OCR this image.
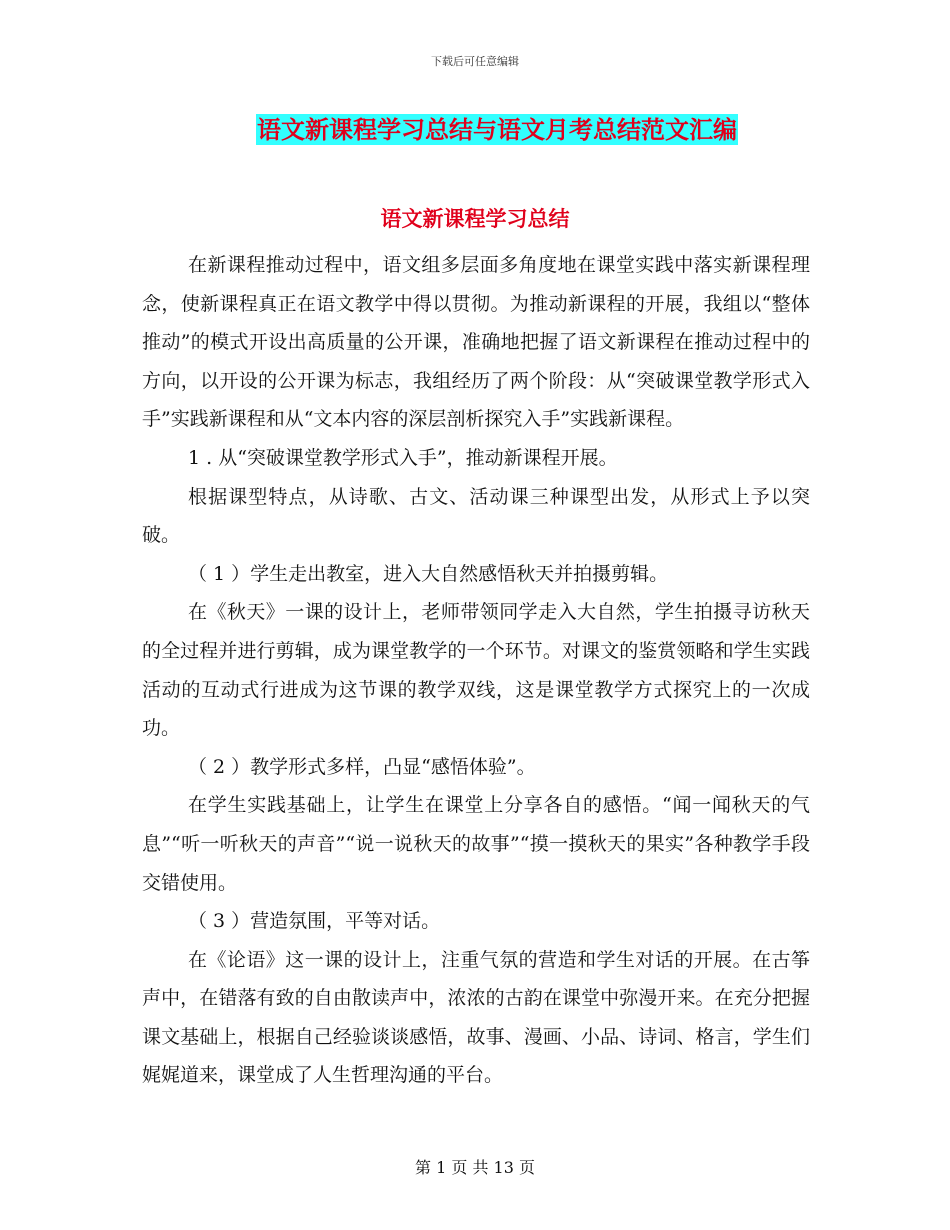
下载后可任意编辑
语文新课程学习总结与语文月考总结范文汇编
语文新课程学习总结

在新课程推动过程中，语文组多层面多角度地在课堂实践中落实新课程理念，使新课程真正在语文教学中得以贯彻。为推动新课程的开展，我组以“整体推动”的模式开设出高质量的公开课，准确地把握了语文新课程在推动过程中的方向，以开设的公开课为标志，我组经历了两个阶段：从“突破课堂教学形式入手”实践新课程和从“文本内容的深层剖析探究入手”实践新课程。

1 . 从“突破课堂教学形式入手”，推动新课程开展。

根据课型特点，从诗歌、古文、活动课三种课型出发，从形式上予以突破。

（ 1 ）学生走出教室，进入大自然感悟秋天并拍摄剪辑。

在《秋天》一课的设计上，老师带领同学走入大自然，学生拍摄寻访秋天的全过程并进行剪辑，成为课堂教学的一个环节。对课文的鉴赏领略和学生实践活动的互动式行进成为这节课的教学双线，这是课堂教学方式探究上的一次成功。

（ 2 ）教学形式多样，凸显“感悟体验”。

在学生实践基础上，让学生在课堂上分享各自的感悟。“闻一闻秋天的气息”“听一听秋天的声音”“说一说秋天的故事”“摸一摸秋天的果实”各种教学手段交错使用。

（ 3 ）营造氛围，平等对话。

在《论语》这一课的设计上，注重气氛的营造和学生对话的开展。在古筝声中，在错落有致的自由散读声中，浓浓的古韵在课堂中弥漫开来。在充分把握课文基础上，根据自己经验谈谈感悟，故事、漫画、小品、诗词、格言，学生们娓娓道来，课堂成了人生哲理沟通的平台。

第 1 页 共 13 页
